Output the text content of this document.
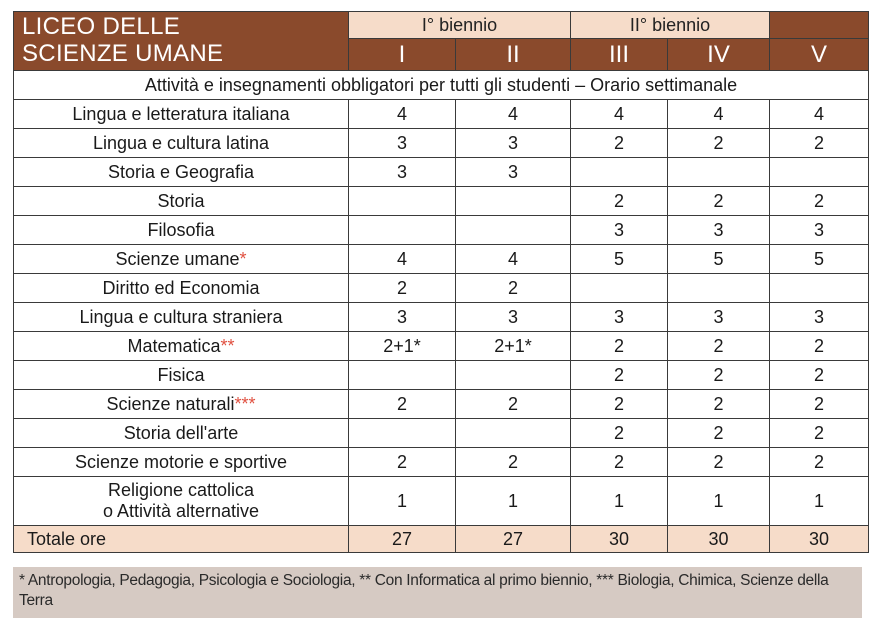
LICEO DELLE
SCIENZE UMANE	I° biennio		II° biennio		
	I	II	III	IV	V
Attività e insegnamenti obbligatori per tutti gli studenti – Orario settimanale					
Lingua e letteratura italiana	4	4	4	4	4
Lingua e cultura latina	3	3	2	2	2
Storia e Geografia	3	3			
Storia			2	2	2
Filosofia			3	3	3
Scienze umane*	4	4	5	5	5
Diritto ed Economia	2	2			
Lingua e cultura straniera	3	3	3	3	3
Matematica**	2+1*	2+1*	2	2	2
Fisica			2	2	2
Scienze naturali***	2	2	2	2	2
Storia dell'arte			2	2	2
Scienze motorie e sportive	2	2	2	2	2

Religione cattolica
o Attività alternative	1	1	1	1	1
Totale ore	27	27	30	30	30
* Antropologia, Pedagogia, Psicologia e Sociologia, ** Con Informatica al primo biennio, *** Biologia, Chimica, Scienze della
Terra
